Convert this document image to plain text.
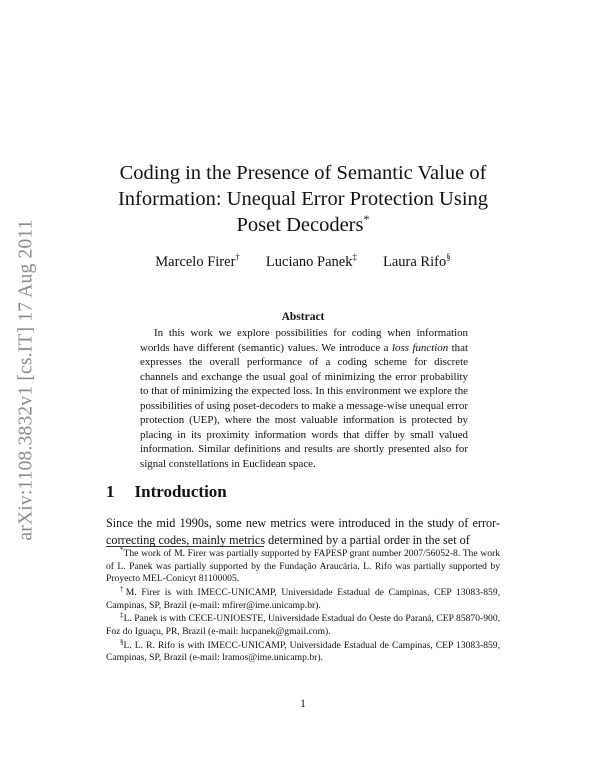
arXiv:1108.3832v1 [cs.IT] 17 Aug 2011
Coding in the Presence of Semantic Value of
Information: Unequal Error Protection Using
Poset Decoders*
Marcelo Firer† Luciano Panek‡ Laura Rifo§
Abstract
In this work we explore possibilities for coding when information worlds have different (semantic) values. We introduce a loss function that expresses the overall performance of a coding scheme for discrete channels and exchange the usual goal of minimizing the error probability to that of minimizing the expected loss. In this environment we explore the possibilities of using poset-decoders to make a message-wise unequal error protection (UEP), where the most valuable information is protected by placing in its proximity information words that differ by small valued information. Similar definitions and results are shortly presented also for signal constellations in Euclidean space.
1 Introduction
Since the mid 1990s, some new metrics were introduced in the study of error-correcting codes, mainly metrics determined by a partial order in the set of

*The work of M. Firer was partially supported by FAPESP grant number 2007/56052-8. The work of L. Panek was partially supported by the Fundação Araucária. L. Rifo was partially supported by Proyecto MEL-Conicyt 81100005.

†M. Firer is with IMECC-UNICAMP, Universidade Estadual de Campinas, CEP 13083-859, Campinas, SP, Brazil (e-mail: mfirer@ime.unicamp.br).

‡L. Panek is with CECE-UNIOESTE, Universidade Estadual do Oeste do Paraná, CEP 85870-900, Foz do Iguaçu, PR, Brazil (e-mail: lucpanek@gmail.com).

§L. L. R. Rifo is with IMECC-UNICAMP, Universidade Estadual de Campinas, CEP 13083-859, Campinas, SP, Brazil (e-mail: lramos@ime.unicamp.br).

1
